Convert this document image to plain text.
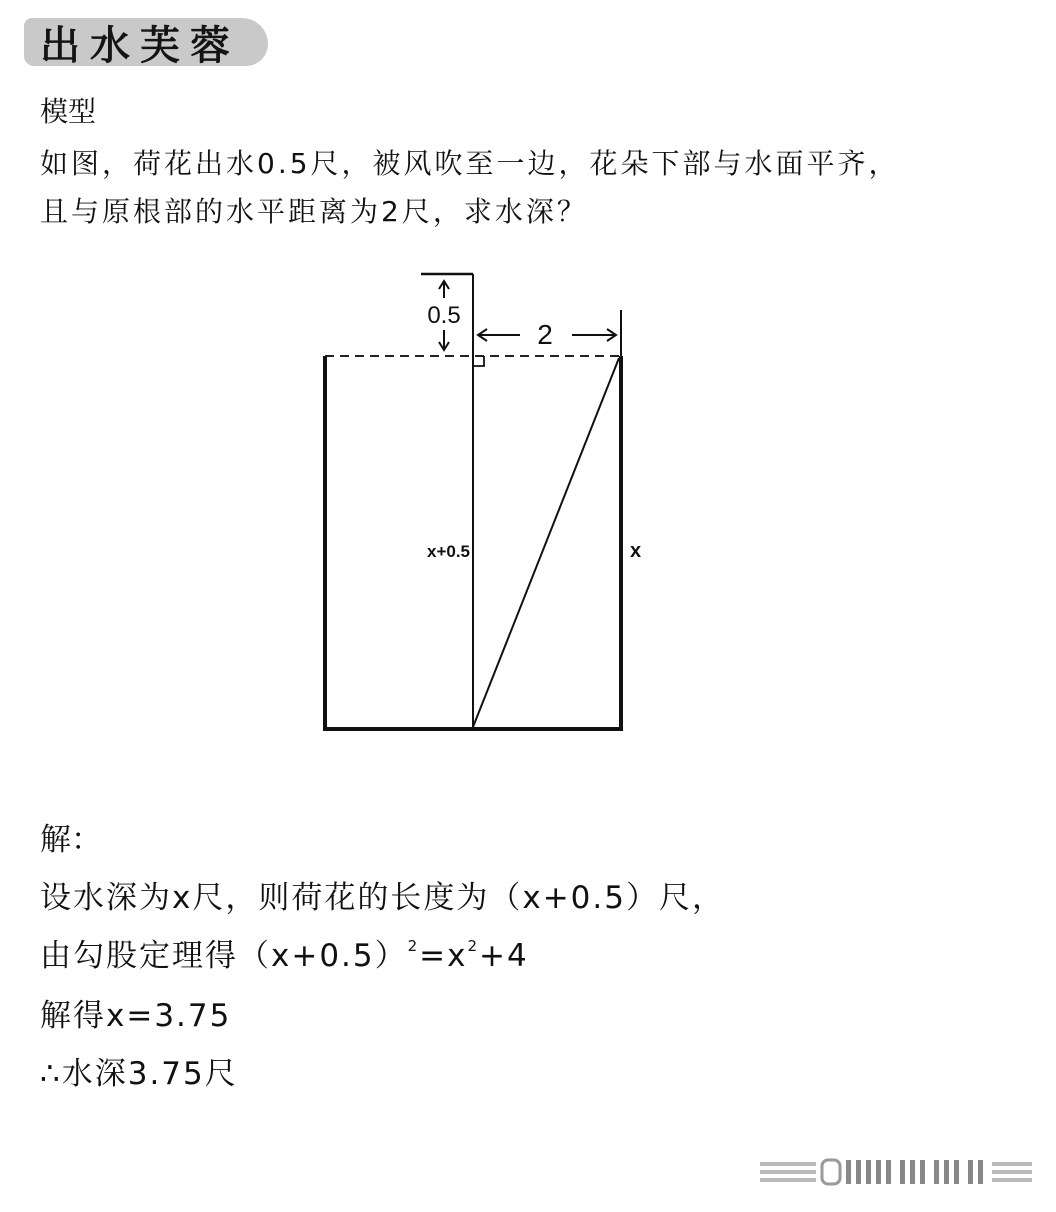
出水芙蓉
模型
如图，荷花出水0.5尺，被风吹至一边，花朵下部与水面平齐，
且与原根部的水平距离为2尺，求水深？
0.5
2
x+0.5	x
解：
设水深为x尺，则荷花的长度为（x+0.5）尺，
由勾股定理得$(x+0.5)^2=x^2+4$
解得x=3.75
∴水深3.75尺
